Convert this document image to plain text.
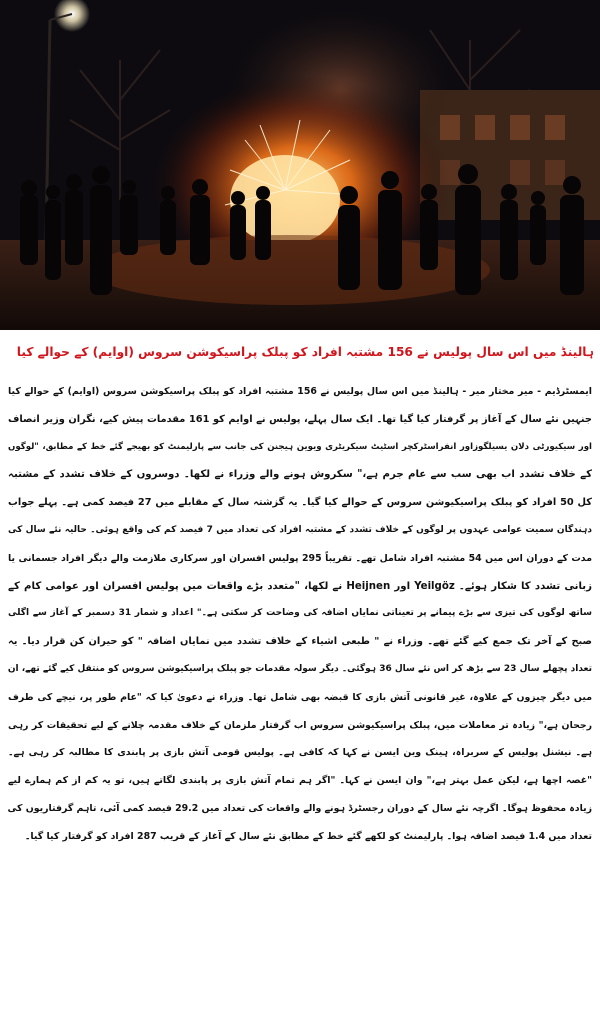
ہالینڈ میں اس سال پولیس نے 156 مشتبہ افراد کو پبلک پراسیکوشن سروس (اوایم) کے حوالے کیا
ایمسٹرڈیم - میر مختار میر - ہالینڈ میں اس سال پولیس نے 156 مشتبہ افراد کو پبلک پراسیکوشن سروس (اوایم) کے حوالے کیا
جنہیں نئے سال کے آغاز پر گرفتار کیا گیا تھا۔ ایک سال پہلے، پولیس نے اوایم کو 161 مقدمات پیش کیے، نگران وزیر انصاف
اور سیکیورٹی دلان یسیلگوزاور انفراسٹرکچر اسٹیٹ سیکریٹری ویوین ہیجنن کی جانب سے پارلیمنٹ کو بھیجے گئے خط کے مطابق، "لوگوں
کے خلاف تشدد اب بھی سب سے عام جرم ہے،" سکروش ہونے والے وزراء نے لکھا۔ دوسروں کے خلاف تشدد کے مشتبہ
کل 50 افراد کو پبلک پراسیکیوشن سروس کے حوالے کیا گیا۔ یہ گزشتہ سال کے مقابلے میں 27 فیصد کمی ہے۔ پہلے جواب
دہندگان سمیت عوامی عہدوں پر لوگوں کے خلاف تشدد کے مشتبہ افراد کی تعداد میں 7 فیصد کم کی واقع ہوئی۔ حالیہ نئے سال کی
مدت کے دوران اس میں 54 مشتبہ افراد شامل تھے۔ تقریباً 295 پولیس افسران اور سرکاری ملازمت والے دیگر افراد جسمانی یا
زبانی تشدد کا شکار ہوئے۔ Yeilgöz اور Heijnen نے لکھا، "متعدد بڑے واقعات میں پولیس افسران اور عوامی کام کے
ساتھ لوگوں کی تیزی سے بڑے پیمانے پر تعیناتی نمایاں اضافہ کی وضاحت کر سکتی ہے۔" اعداد و شمار 31 دسمبر کے آغاز سے اگلی
صبح کے آخر تک جمع کیے گئے تھے۔ وزراء نے " طبعی اشیاء کے خلاف تشدد میں نمایاں اضافہ " کو حیران کن قرار دیا۔ یہ
تعداد پچھلے سال 23 سے بڑھ کر اس نئے سال 36 ہوگئی۔ دیگر سولہ مقدمات جو پبلک پراسیکیوشن سروس کو منتقل کیے گئے تھے، ان
میں دیگر چیزوں کے علاوہ، غیر قانونی آتش بازی کا قبضہ بھی شامل تھا۔ وزراء نے دعویٰ کیا کہ "عام طور پر، نیچے کی طرف
رجحان ہے،" زیادہ تر معاملات میں، پبلک پراسیکیوشن سروس اب گرفتار ملزمان کے خلاف مقدمہ چلانے کے لیے تحقیقات کر رہی
ہے۔ نیشنل پولیس کے سربراہ، ہینک وین ایسن نے کہا کہ کافی ہے۔ پولیس قومی آتش بازی پر پابندی کا مطالبہ کر رہی ہے۔
"غصہ اچھا ہے، لیکن عمل بہتر ہے،" وان ایسن نے کہا۔ "اگر ہم تمام آتش بازی پر پابندی لگاتے ہیں، تو یہ کم از کم ہمارے لیے
زیادہ محفوظ ہوگا۔ اگرچہ نئے سال کے دوران رجسٹرڈ ہونے والے واقعات کی تعداد میں 29.2 فیصد کمی آئی، تاہم گرفتاریوں کی
تعداد میں 1.4 فیصد اضافہ ہوا۔ پارلیمنٹ کو لکھے گئے خط کے مطابق نئے سال کے آغاز کے قریب 287 افراد کو گرفتار کیا گیا۔
